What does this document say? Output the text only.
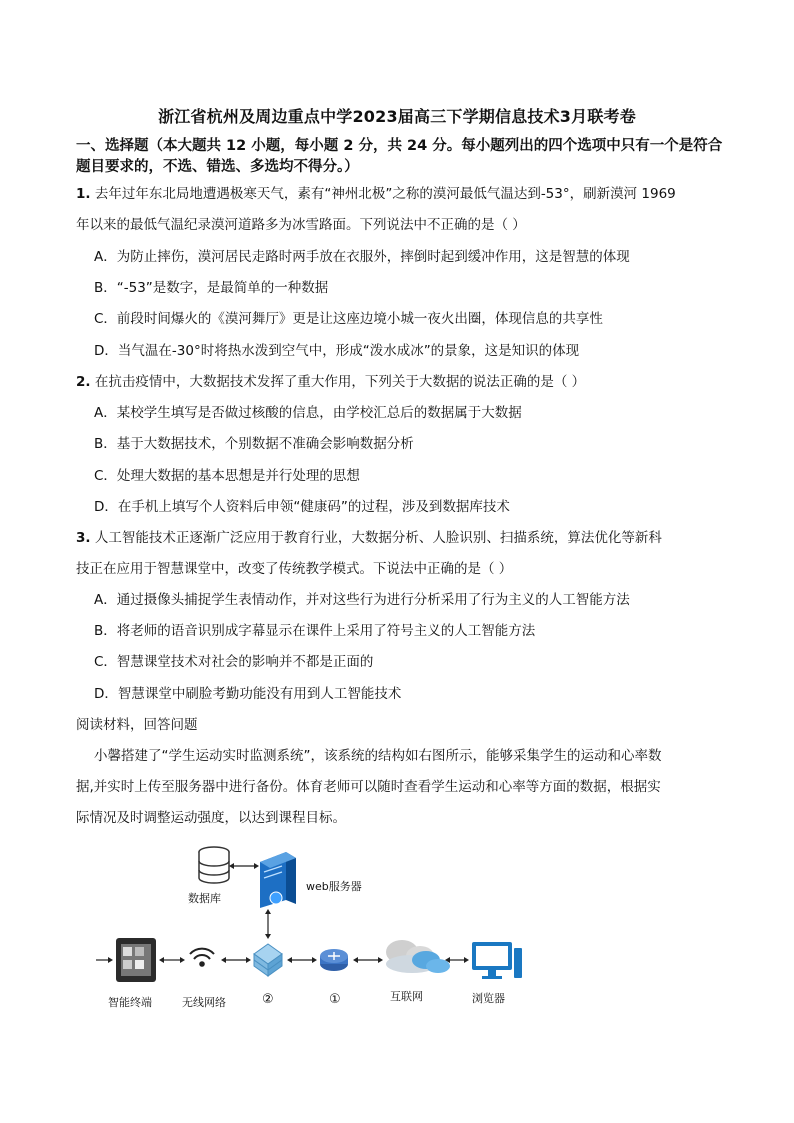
浙江省杭州及周边重点中学2023届高三下学期信息技术3月联考卷
一、选择题（本大题共 12 小题，每小题 2 分，共 24 分。每小题列出的四个选项中只有一个是符合题目要求的，不选、错选、多选均不得分。）
1. 去年过年东北局地遭遇极寒天气，素有“神州北极”之称的漠河最低气温达到-53°，刷新漠河 1969
年以来的最低气温纪录漠河道路多为冰雪路面。下列说法中不正确的是（ ）
A．为防止摔伤，漠河居民走路时两手放在衣服外，摔倒时起到缓冲作用，这是智慧的体现
B．“-53”是数字，是最简单的一种数据
C．前段时间爆火的《漠河舞厅》更是让这座边境小城一夜火出圈，体现信息的共享性
D．当气温在-30°时将热水泼到空气中，形成“泼水成冰”的景象，这是知识的体现
2. 在抗击疫情中，大数据技术发挥了重大作用，下列关于大数据的说法正确的是（ ）
A．某校学生填写是否做过核酸的信息，由学校汇总后的数据属于大数据
B．基于大数据技术，个别数据不准确会影响数据分析
C．处理大数据的基本思想是并行处理的思想
D．在手机上填写个人资料后申领“健康码”的过程，涉及到数据库技术
3. 人工智能技术正逐渐广泛应用于教育行业，大数据分析、人脸识别、扫描系统，算法优化等新科
技正在应用于智慧课堂中，改变了传统教学模式。下说法中正确的是（ ）
A．通过摄像头捕捉学生表情动作，并对这些行为进行分析采用了行为主义的人工智能方法
B．将老师的语音识别成字幕显示在课件上采用了符号主义的人工智能方法
C．智慧课堂技术对社会的影响并不都是正面的
D．智慧课堂中刷脸考勤功能没有用到人工智能技术
阅读材料，回答问题
小馨搭建了“学生运动实时监测系统”，该系统的结构如右图所示，能够采集学生的运动和心率数
据,并实时上传至服务器中进行备份。体育老师可以随时查看学生运动和心率等方面的数据，根据实
际情况及时调整运动强度，以达到课程目标。
数据库
web服务器
智能终端	无线网络	②	①	互联网	浏览器
